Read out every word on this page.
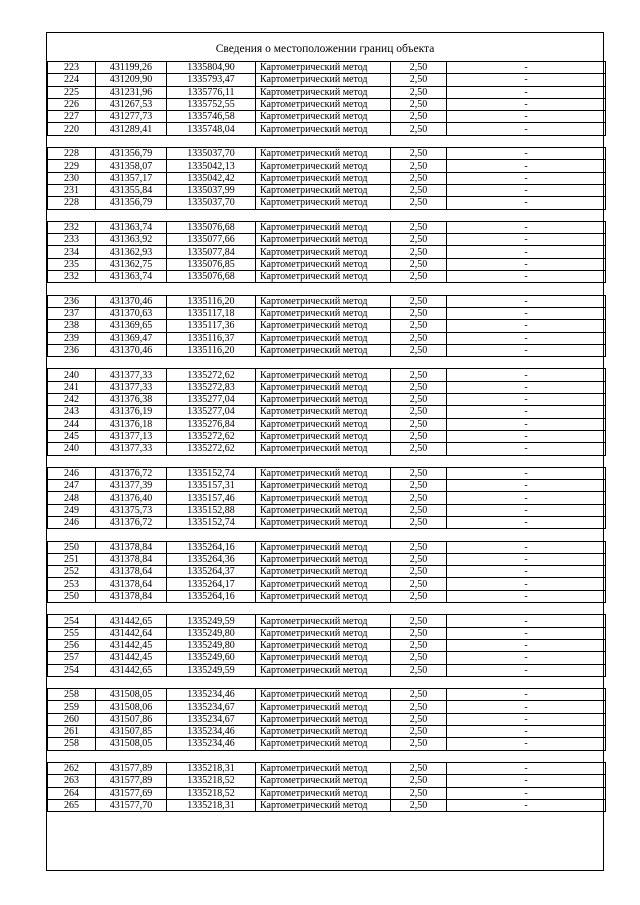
Сведения о местоположении границ объекта
223	431199,26	1335804,90	Картометрический метод	2,50	-
224	431209,90	1335793,47	Картометрический метод	2,50	-
225	431231,96	1335776,11	Картометрический метод	2,50	-
226	431267,53	1335752,55	Картометрический метод	2,50	-
227	431277,73	1335746,58	Картометрический метод	2,50	-
220	431289,41	1335748,04	Картометрический метод	2,50	-

228	431356,79	1335037,70	Картометрический метод	2,50	-
229	431358,07	1335042,13	Картометрический метод	2,50	-
230	431357,17	1335042,42	Картометрический метод	2,50	-
231	431355,84	1335037,99	Картометрический метод	2,50	-
228	431356,79	1335037,70	Картометрический метод	2,50	-

232	431363,74	1335076,68	Картометрический метод	2,50	-
233	431363,92	1335077,66	Картометрический метод	2,50	-
234	431362,93	1335077,84	Картометрический метод	2,50	-
235	431362,75	1335076,85	Картометрический метод	2,50	-
232	431363,74	1335076,68	Картометрический метод	2,50	-

236	431370,46	1335116,20	Картометрический метод	2,50	-
237	431370,63	1335117,18	Картометрический метод	2,50	-
238	431369,65	1335117,36	Картометрический метод	2,50	-
239	431369,47	1335116,37	Картометрический метод	2,50	-
236	431370,46	1335116,20	Картометрический метод	2,50	-

240	431377,33	1335272,62	Картометрический метод	2,50	-
241	431377,33	1335272,83	Картометрический метод	2,50	-
242	431376,38	1335277,04	Картометрический метод	2,50	-
243	431376,19	1335277,04	Картометрический метод	2,50	-
244	431376,18	1335276,84	Картометрический метод	2,50	-
245	431377,13	1335272,62	Картометрический метод	2,50	-
240	431377,33	1335272,62	Картометрический метод	2,50	-

246	431376,72	1335152,74	Картометрический метод	2,50	-
247	431377,39	1335157,31	Картометрический метод	2,50	-
248	431376,40	1335157,46	Картометрический метод	2,50	-
249	431375,73	1335152,88	Картометрический метод	2,50	-
246	431376,72	1335152,74	Картометрический метод	2,50	-

250	431378,84	1335264,16	Картометрический метод	2,50	-
251	431378,84	1335264,36	Картометрический метод	2,50	-
252	431378,64	1335264,37	Картометрический метод	2,50	-
253	431378,64	1335264,17	Картометрический метод	2,50	-
250	431378,84	1335264,16	Картометрический метод	2,50	-

254	431442,65	1335249,59	Картометрический метод	2,50	-
255	431442,64	1335249,80	Картометрический метод	2,50	-
256	431442,45	1335249,80	Картометрический метод	2,50	-
257	431442,45	1335249,60	Картометрический метод	2,50	-
254	431442,65	1335249,59	Картометрический метод	2,50	-

258	431508,05	1335234,46	Картометрический метод	2,50	-
259	431508,06	1335234,67	Картометрический метод	2,50	-
260	431507,86	1335234,67	Картометрический метод	2,50	-
261	431507,85	1335234,46	Картометрический метод	2,50	-
258	431508,05	1335234,46	Картометрический метод	2,50	-

262	431577,89	1335218,31	Картометрический метод	2,50	-
263	431577,89	1335218,52	Картометрический метод	2,50	-
264	431577,69	1335218,52	Картометрический метод	2,50	-
265	431577,70	1335218,31	Картометрический метод	2,50	-
